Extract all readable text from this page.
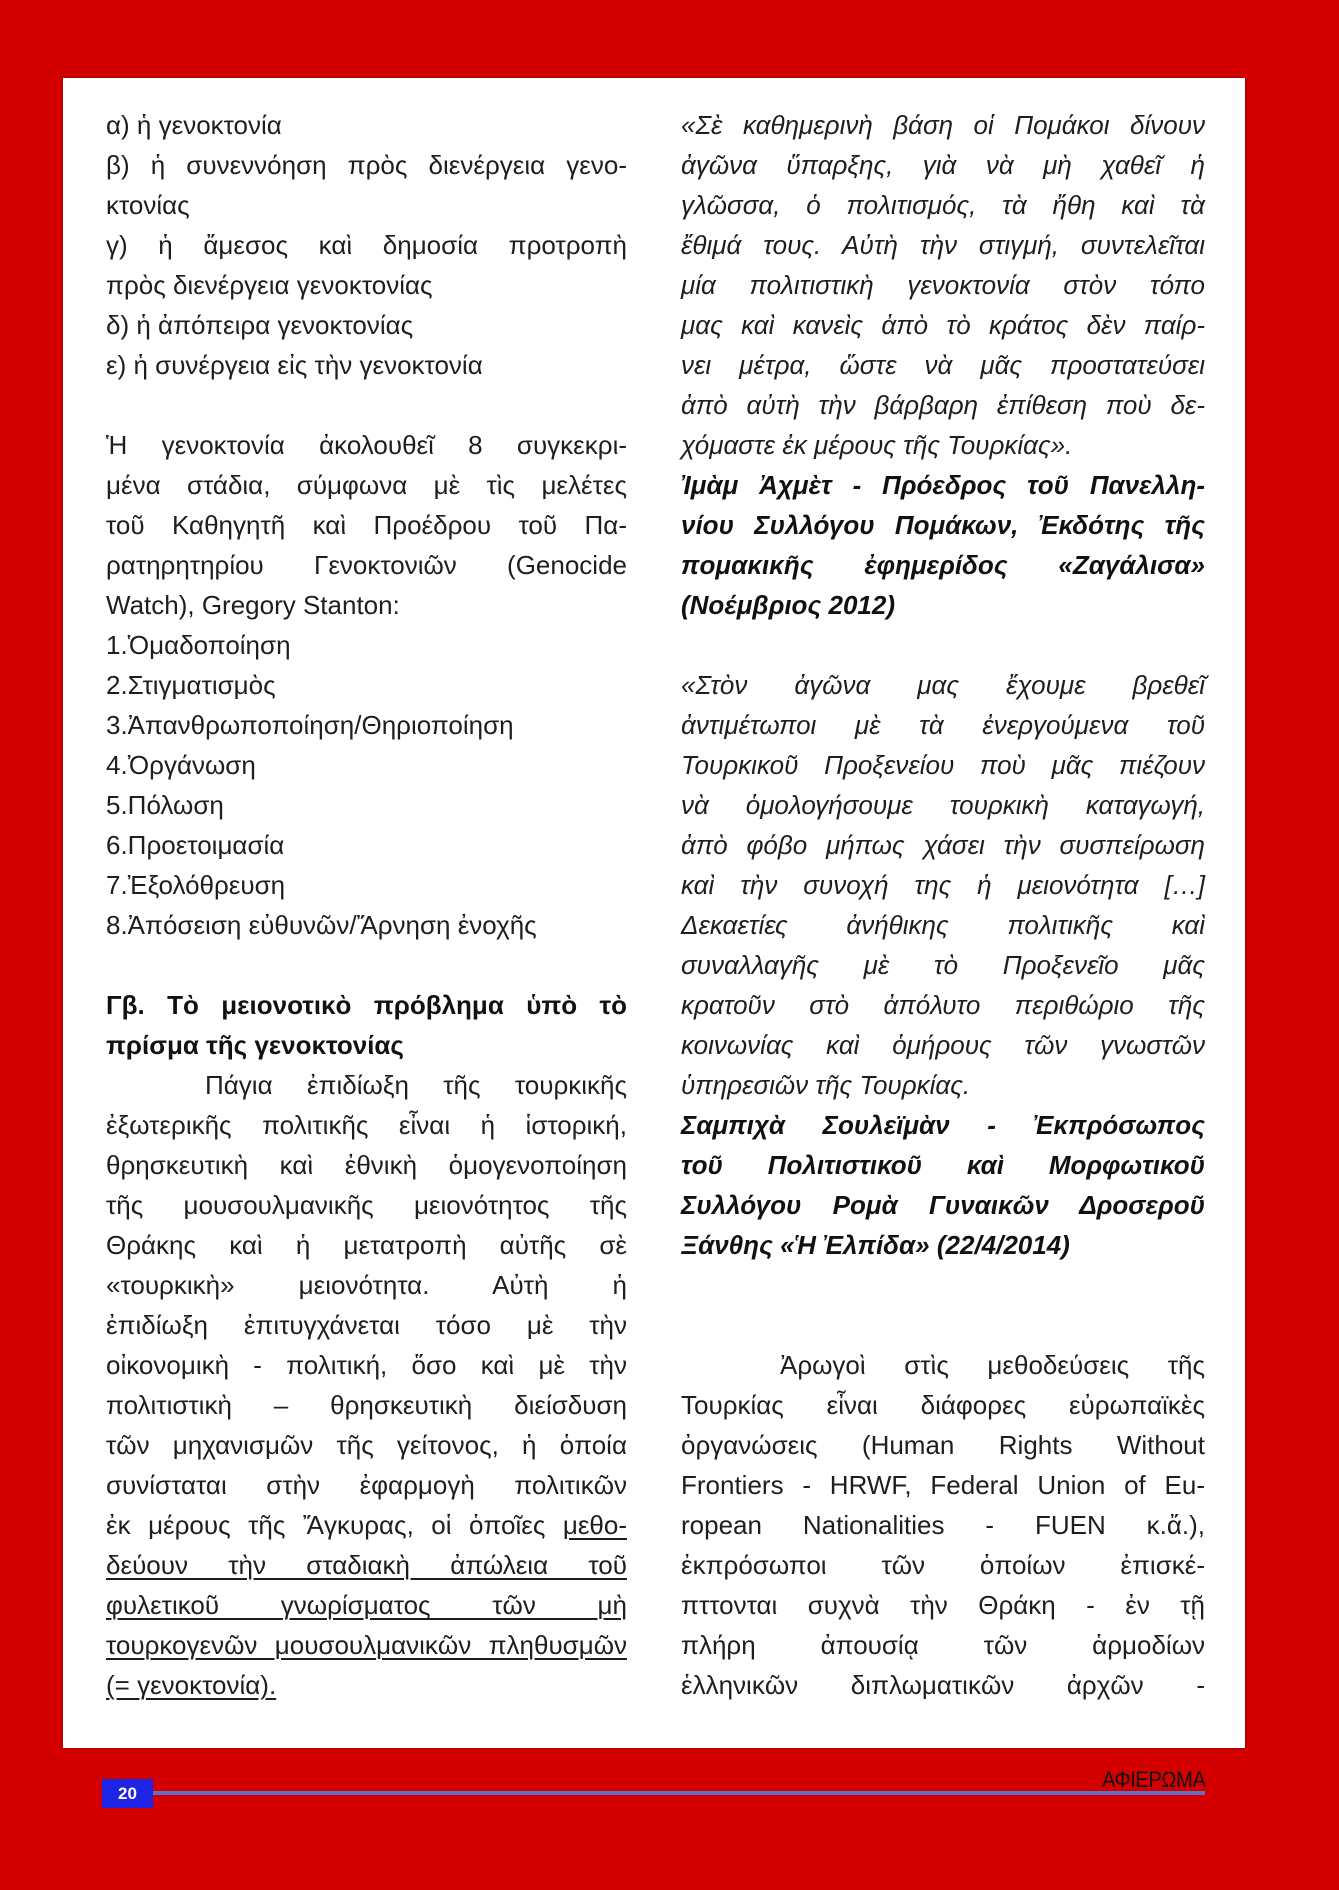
α) ἡ γενοκτονία
β) ἡ συνεννόηση πρὸς διενέργεια γενο-
κτονίας
γ) ἡ ἄμεσος καὶ δημοσία προτροπὴ
πρὸς διενέργεια γενοκτονίας
δ) ἡ ἀπόπειρα γενοκτονίας
ε) ἡ συνέργεια εἰς τὴν γενοκτονία
Ἡ γενοκτονία ἀκολουθεῖ 8 συγκεκρι-
μένα στάδια, σύμφωνα μὲ τὶς μελέτες
τοῦ Καθηγητῆ καὶ Προέδρου τοῦ Πα-
ρατηρητηρίου Γενοκτονιῶν (Genocide
Watch), Gregory Stanton:
1.Ὁμαδοποίηση
2.Στιγματισμὸς
3.Ἀπανθρωποποίηση/Θηριοποίηση
4.Ὀργάνωση
5.Πόλωση
6.Προετοιμασία
7.Ἐξολόθρευση
8.Ἀπόσειση εὐθυνῶν/Ἄρνηση ἐνοχῆς
Γβ. Τὸ μειονοτικὸ πρόβλημα ὑπὸ τὸ
πρίσμα τῆς γενοκτονίας
Πάγια ἐπιδίωξη τῆς τουρκικῆς
ἐξωτερικῆς πολιτικῆς εἶναι ἡ ἱστορική,
θρησκευτικὴ καὶ ἐθνικὴ ὁμογενοποίηση
τῆς μουσουλμανικῆς μειονότητος τῆς
Θράκης καὶ ἡ μετατροπὴ αὐτῆς σὲ
«τουρκικὴ» μειονότητα. Αὐτὴ ἡ
ἐπιδίωξη ἐπιτυγχάνεται τόσο μὲ τὴν
οἰκονομικὴ - πολιτική, ὅσο καὶ μὲ τὴν
πολιτιστικὴ – θρησκευτικὴ διείσδυση
τῶν μηχανισμῶν τῆς γείτονος, ἡ ὁποία
συνίσταται στὴν ἐφαρμογὴ πολιτικῶν
ἐκ μέρους τῆς Ἄγκυρας, οἱ ὁποῖες μεθο-
δεύουν τὴν σταδιακὴ ἀπώλεια τοῦ
φυλετικοῦ γνωρίσματος τῶν μὴ
τουρκογενῶν μουσουλμανικῶν πληθυσμῶν
(= γενοκτονία).
«Σὲ καθημερινὴ βάση οἱ Πομάκοι δίνουν
ἀγῶνα ὕπαρξης, γιὰ νὰ μὴ χαθεῖ ἡ
γλῶσσα, ὁ πολιτισμός, τὰ ἤθη καὶ τὰ
ἔθιμά τους. Αὐτὴ τὴν στιγμή, συντελεῖται
μία πολιτιστικὴ γενοκτονία στὸν τόπο
μας καὶ κανεὶς ἀπὸ τὸ κράτος δὲν παίρ-
νει μέτρα, ὥστε νὰ μᾶς προστατεύσει
ἀπὸ αὐτὴ τὴν βάρβαρη ἐπίθεση ποὺ δε-
χόμαστε ἐκ μέρους τῆς Τουρκίας».
Ἰμὰμ Ἀχμὲτ - Πρόεδρος τοῦ Πανελλη-
νίου Συλλόγου Πομάκων, Ἐκδότης τῆς
πομακικῆς ἐφημερίδος «Ζαγάλισα»
(Νοέμβριος 2012)
«Στὸν ἀγῶνα μας ἔχουμε βρεθεῖ
ἀντιμέτωποι μὲ τὰ ἐνεργούμενα τοῦ
Τουρκικοῦ Προξενείου ποὺ μᾶς πιέζουν
νὰ ὁμολογήσουμε τουρκικὴ καταγωγή,
ἀπὸ φόβο μήπως χάσει τὴν συσπείρωση
καὶ τὴν συνοχή της ἡ μειονότητα […]
Δεκαετίες ἀνήθικης πολιτικῆς καὶ
συναλλαγῆς μὲ τὸ Προξενεῖο μᾶς
κρατοῦν στὸ ἀπόλυτο περιθώριο τῆς
κοινωνίας καὶ ὁμήρους τῶν γνωστῶν
ὑπηρεσιῶν τῆς Τουρκίας.
Σαμπιχὰ Σουλεϊμὰν - Ἐκπρόσωπος
τοῦ Πολιτιστικοῦ καὶ Μορφωτικοῦ
Συλλόγου Ρομὰ Γυναικῶν Δροσεροῦ
Ξάνθης «Ἡ Ἐλπίδα» (22/4/2014)
Ἀρωγοὶ στὶς μεθοδεύσεις τῆς
Τουρκίας εἶναι διάφορες εὐρωπαϊκὲς
ὀργανώσεις (Human Rights Without
Frontiers - HRWF, Federal Union of Eu-
ropean Nationalities - FUEN κ.ἄ.),
ἐκπρόσωποι τῶν ὁποίων ἐπισκέ-
πττονται συχνὰ τὴν Θράκη - ἐν τῇ
πλήρη ἀπουσίᾳ τῶν ἁρμοδίων
ἑλληνικῶν διπλωματικῶν ἀρχῶν -
20
ΑΦΙΕΡΩΜΑ
